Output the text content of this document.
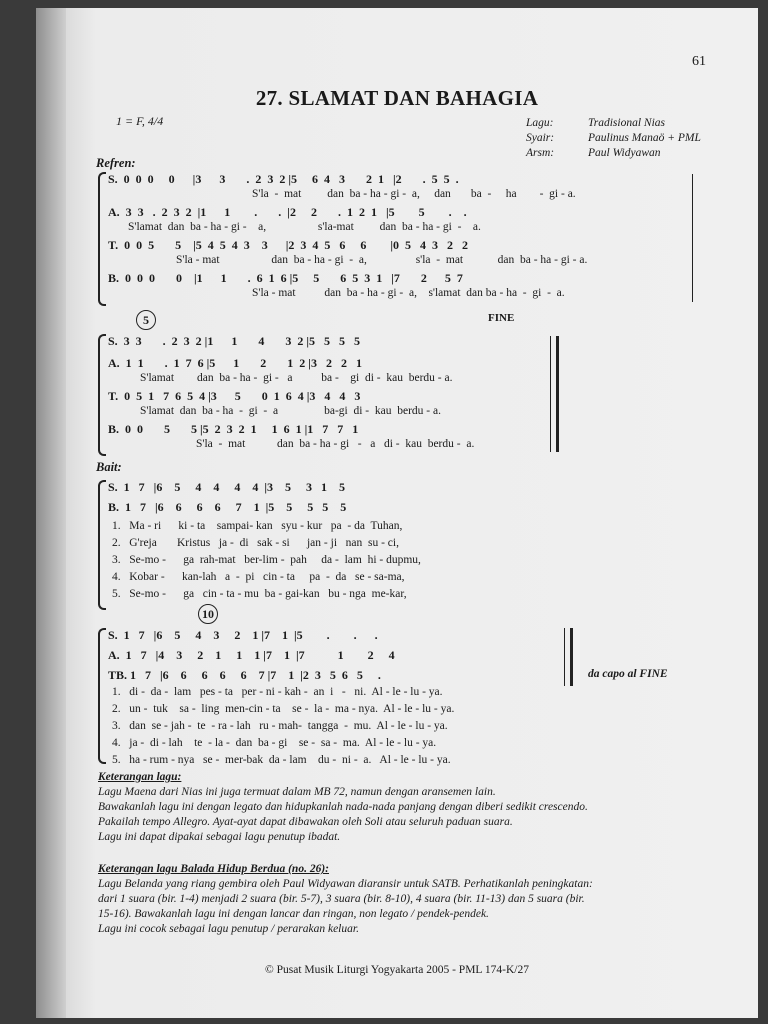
61
27. SLAMAT DAN BAHAGIA
1 = F, 4/4	Lagu:	Tradisional Nias
Syair:	Paulinus Manaö + PML
Arsm:	Paul Widyawan
Refren:
S.  0  0  0     0      |3      3       .  2  3  2 |5     6  4   3       2  1   |2       .  5  5  .
S'la  -  mat         dan  ba - ha - gi -  a,     dan       ba  -     ha        -  gi - a.
A.  3  3   .  2  3  2  |1      1        .       .  |2     2       .  1  2  1   |5        5        .    .
S'lamat  dan  ba - ha - gi -    a,                  s'la-mat         dan  ba - ha - gi  -    a.
T.  0  0  5       5    |5  4  5  4  3    3      |2  3  4  5   6     6        |0  5   4  3   2   2
S'la - mat                  dan  ba - ha - gi  -  a,                 s'la  -  mat            dan  ba - ha - gi - a.
B.  0  0  0       0    |1      1       .  6  1  6 |5     5       6  5  3  1   |7       2      5  7
S'la - mat          dan  ba - ha - gi -  a,    s'lamat  dan ba - ha  -  gi  -  a.
5	FINE
S.  3  3       .  2  3  2 |1      1       4       3  2 |5   5   5   5
A.  1  1       .  1  7  6 |5      1       2       1  2 |3   2   2   1
S'lamat        dan  ba - ha -  gi -   a          ba -    gi  di -  kau  berdu - a.
T.  0  5  1   7  6  5  4 |3      5       0  1  6  4 |3   4   4   3
S'lamat  dan  ba - ha  -  gi  -  a                ba-gi  di -  kau  berdu - a.
B.  0  0       5       5 |5  2  3  2  1     1  6  1 |1   7   7   1
S'la  -  mat           dan  ba - ha - gi   -   a   di -  kau  berdu -  a.
Bait:
S.  1   7   |6    5     4    4     4    4  |3    5     3   1    5
B.  1   7   |6    6     6    6     7    1  |5    5     5   5    5
1.   Ma - ri      ki - ta    sampai- kan   syu - kur   pa  - da  Tuhan,
2.   G'reja       Kristus   ja -  di   sak - si      jan - ji   nan  su - ci,
3.   Se-mo -      ga  rah-mat   ber-lim -  pah     da -  lam  hi - dupmu,
4.   Kobar -      kan-lah   a  -  pi   cin - ta     pa  -  da   se - sa-ma,
5.   Se-mo -      ga   cin - ta - mu  ba - gai-kan   bu - nga  me-kar,
10
S.  1   7   |6    5     4    3     2    1 |7    1  |5        .        .      .
A.  1   7   |4    3     2    1     1    1 |7    1  |7           1        2     4
TB. 1   7   |6    6     6    6     6    7 |7    1  |2  3   5  6   5     .	da capo al FINE
1.   di -  da -  lam   pes - ta   per - ni - kah -  an  i   -   ni.  Al - le - lu - ya.
2.   un -  tuk    sa -  ling  men-cin - ta    se -  la -  ma - nya.  Al - le - lu - ya.
3.   dan  se - jah -  te  - ra - lah   ru - mah-  tangga  -  mu.  Al - le - lu - ya.
4.   ja -  di - lah    te  - la -  dan  ba - gi    se -  sa -  ma.  Al - le - lu - ya.
5.   ha - rum - nya   se -  mer-bak  da - lam    du -  ni -  a.   Al - le - lu - ya.
Keterangan lagu:
Lagu Maena dari Nias ini juga termuat dalam MB 72, namun dengan aransemen lain.
Bawakanlah lagu ini dengan legato dan hidupkanlah nada-nada panjang dengan diberi sedikit crescendo.
Pakailah tempo Allegro. Ayat-ayat dapat dibawakan oleh Soli atau seluruh paduan suara.
Lagu ini dapat dipakai sebagai lagu penutup ibadat.
Keterangan lagu Balada Hidup Berdua (no. 26):
Lagu Belanda yang riang gembira oleh Paul Widyawan diaransir untuk SATB. Perhatikanlah peningkatan:
dari 1 suara (bir. 1-4) menjadi 2 suara (bir. 5-7), 3 suara (bir. 8-10), 4 suara (bir. 11-13) dan 5 suara (bir.
15-16). Bawakanlah lagu ini dengan lancar dan ringan, non legato / pendek-pendek.
Lagu ini cocok sebagai lagu penutup / perarakan keluar.
© Pusat Musik Liturgi Yogyakarta 2005 - PML 174-K/27
